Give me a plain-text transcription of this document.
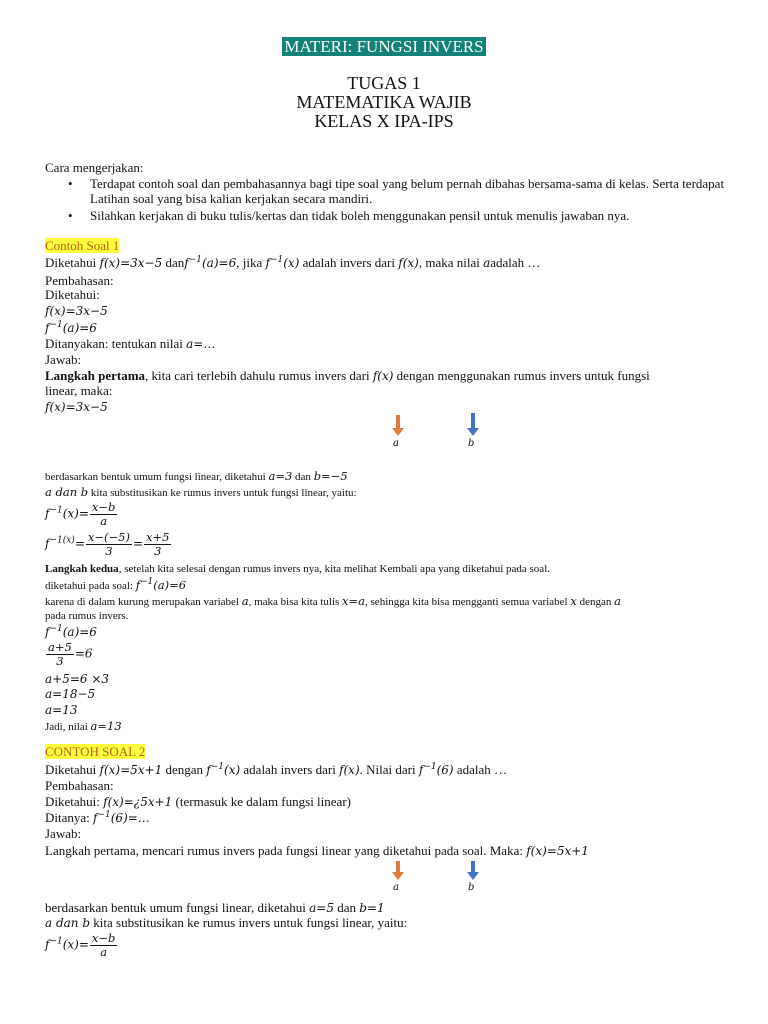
MATERI: FUNGSI INVERS
TUGAS 1
MATEMATIKA WAJIB
KELAS X IPA-IPS
Cara mengerjakan:
• Terdapat contoh soal dan pembahasannya bagi tipe soal yang belum pernah dibahas bersama-sama di kelas. Serta terdapat Latihan soal yang bisa kalian kerjakan secara mandiri.
• Silahkan kerjakan di buku tulis/kertas dan tidak boleh menggunakan pensil untuk menulis jawaban nya.
Contoh Soal 1
Diketahui f(x)=3x−5 danf$^{-1}$(a)=6, jika $f^{-1}(x)$ adalah invers dari f(x), maka nilai aadalah …
Pembahasan:
Diketahui:
f(x)=3x−5
$f^{-1}(a)=6$
Ditanyakan: tentukan nilai a=…
Jawab:
Langkah pertama, kita cari terlebih dahulu rumus invers dari f(x) dengan menggunakan rumus invers untuk fungsi
linear, maka:
f(x)=3x−5
berdasarkan bentuk umum fungsi linear, diketahui a=3 dan b=−5
a dan b kita substitusikan ke rumus invers untuk fungsi linear, yaitu:
$f^{-1}(x)= \frac{x-b}{a}$
$f^{-1(x)}= \frac{x-(-5)}{3} = \frac{x+5}{3}$
Langkah kedua, setelah kita selesai dengan rumus invers nya, kita melihat Kembali apa yang diketahui pada soal.
diketahui pada soal: $f^{-1}(a)=6$
karena di dalam kurung merupakan variabel a, maka bisa kita tulis x=a, sehingga kita bisa mengganti semua variabel x dengan a
pada rumus invers.
$f^{-1}(a)=6$
$\frac{a+5}{3} =6$
a+5=6 ×3
a=18−5
a=13
Jadi, nilai a=13
CONTOH SOAL 2
Diketahui f(x)=5x+1 dengan $f^{-1}(x)$ adalah invers dari f(x). Nilai dari $f^{-1}(6)$ adalah …
Pembahasan:
Diketahui: f(x)=¿5x+1 (termasuk ke dalam fungsi linear)
Ditanya: $f^{-1}(6)=\dots$
Jawab:
Langkah pertama, mencari rumus invers pada fungsi linear yang diketahui pada soal. Maka: f(x)=5x+1
berdasarkan bentuk umum fungsi linear, diketahui a=5 dan b=1
a dan b kita substitusikan ke rumus invers untuk fungsi linear, yaitu:
$f^{-1}(x)= \frac{x-b}{a}$
a	b
a	b
